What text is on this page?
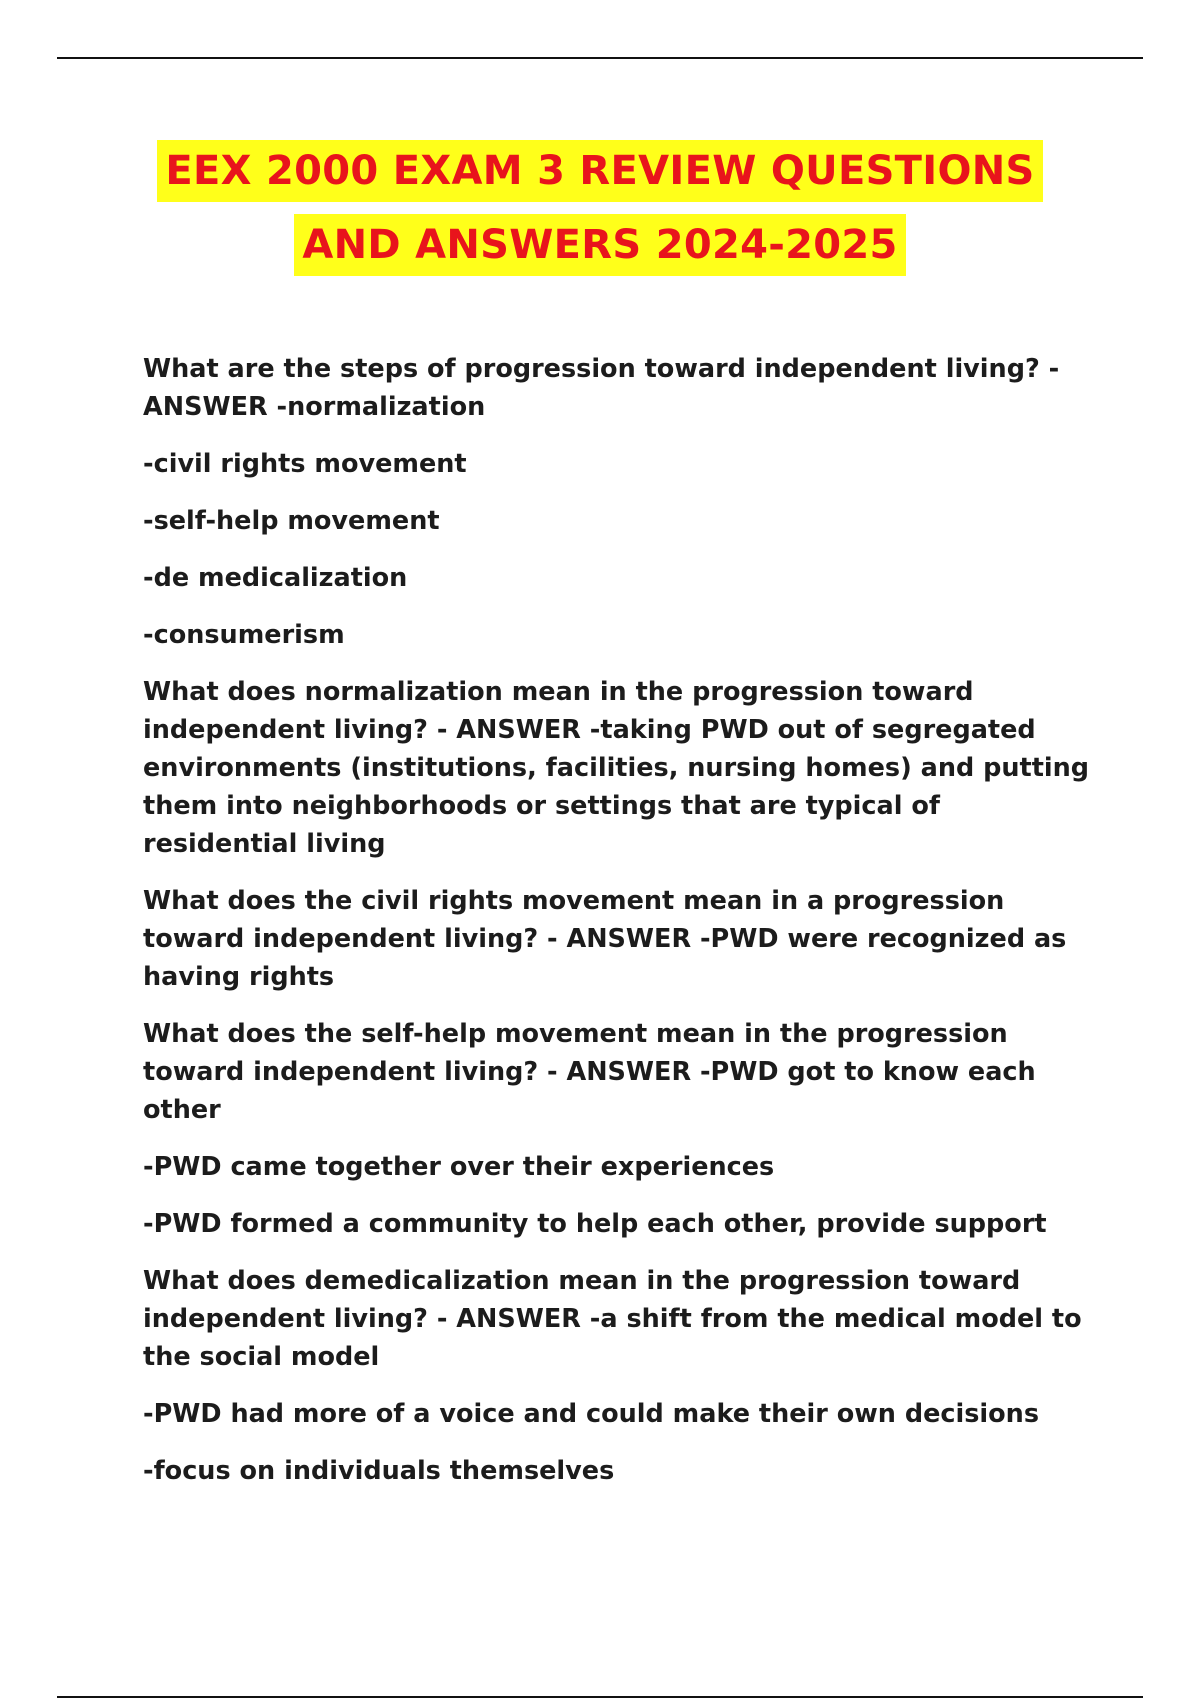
EEX 2000 EXAM 3 REVIEW QUESTIONS
AND ANSWERS 2024-2025

What are the steps of progression toward independent living? - ANSWER -normalization

-civil rights movement

-self-help movement

-de medicalization

-consumerism

What does normalization mean in the progression toward independent living? - ANSWER -taking PWD out of segregated environments (institutions, facilities, nursing homes) and putting them into neighborhoods or settings that are typical of residential living

What does the civil rights movement mean in a progression toward independent living? - ANSWER -PWD were recognized as having rights

What does the self-help movement mean in the progression toward independent living? - ANSWER -PWD got to know each other

-PWD came together over their experiences

-PWD formed a community to help each other, provide support

What does demedicalization mean in the progression toward independent living? - ANSWER -a shift from the medical model to the social model

-PWD had more of a voice and could make their own decisions

-focus on individuals themselves
